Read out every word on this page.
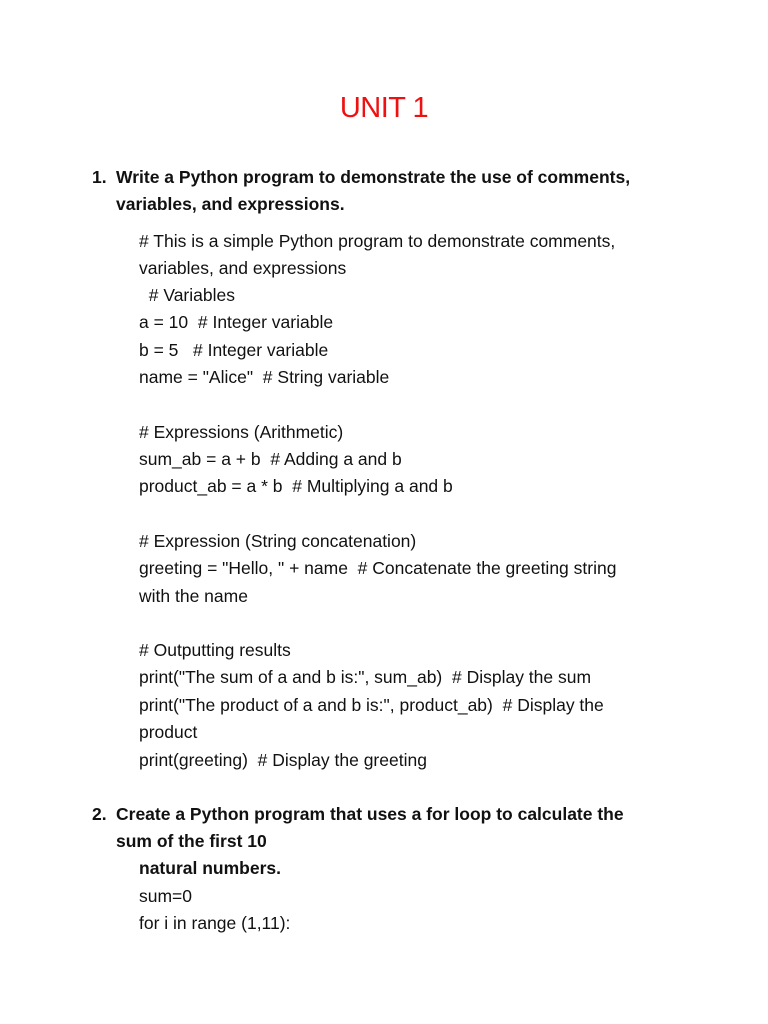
UNIT 1
1. Write a Python program to demonstrate the use of comments,
variables, and expressions.
# This is a simple Python program to demonstrate comments,
variables, and expressions
# Variables
a = 10  # Integer variable
b = 5   # Integer variable
name = "Alice"  # String variable
# Expressions (Arithmetic)
sum_ab = a + b  # Adding a and b
product_ab = a * b  # Multiplying a and b
# Expression (String concatenation)
greeting = "Hello, " + name  # Concatenate the greeting string
with the name
# Outputting results
print("The sum of a and b is:", sum_ab)  # Display the sum
print("The product of a and b is:", product_ab)  # Display the
product
print(greeting)  # Display the greeting
2. Create a Python program that uses a for loop to calculate the
sum of the first 10
natural numbers.
sum=0
for i in range (1,11):
